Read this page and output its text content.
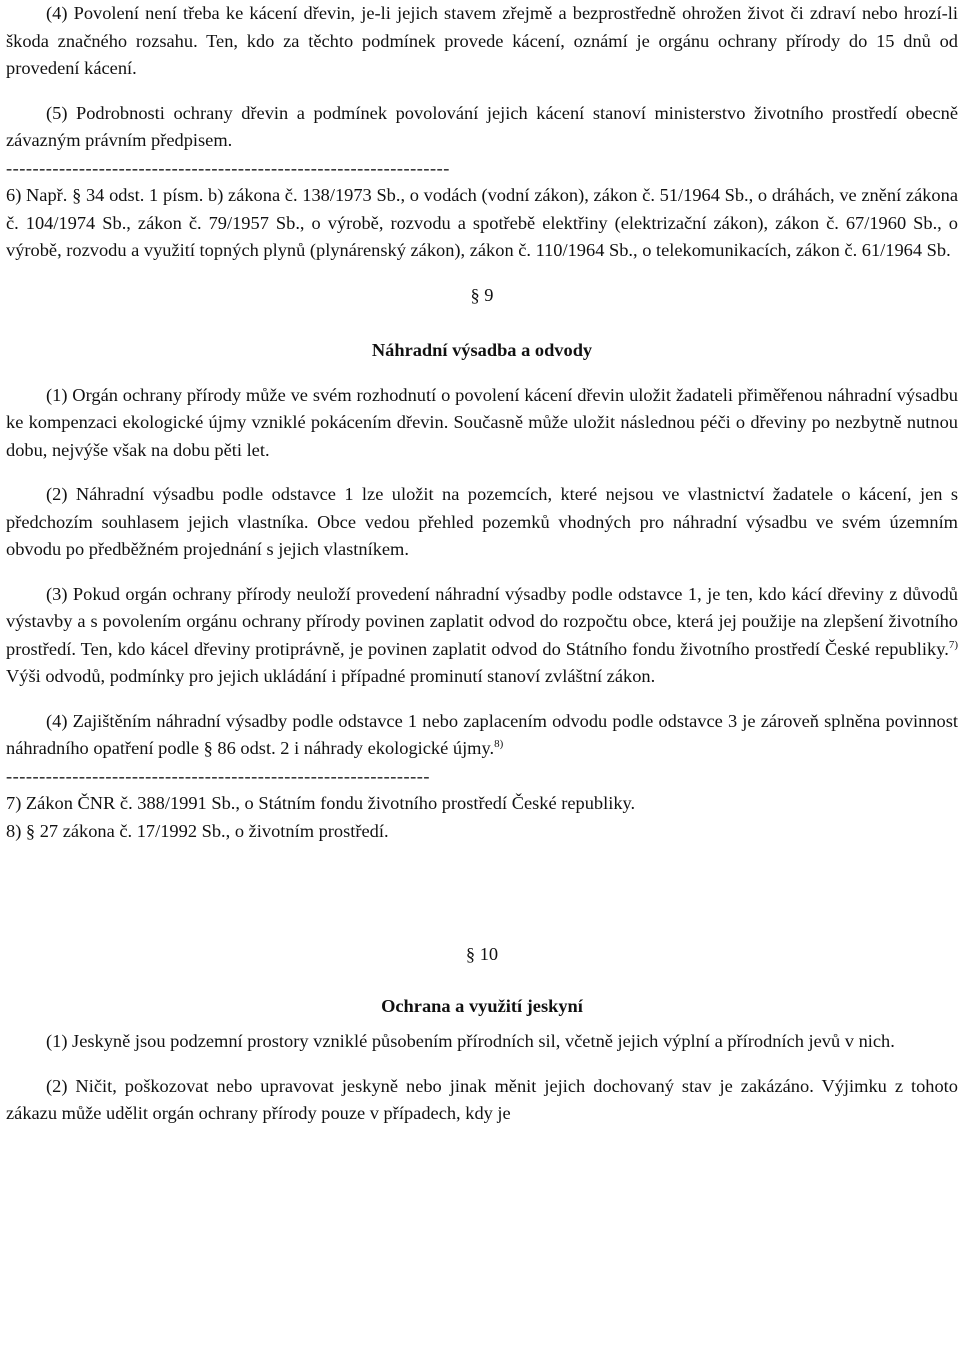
(4) Povolení není třeba ke kácení dřevin, je-li jejich stavem zřejmě a bezprostředně ohrožen život či zdraví nebo hrozí-li škoda značného rozsahu. Ten, kdo za těchto podmínek provede kácení, oznámí je orgánu ochrany přírody do 15 dnů od provedení kácení.

(5) Podrobnosti ochrany dřevin a podmínek povolování jejich kácení stanoví ministerstvo životního prostředí obecně závazným právním předpisem.

-------------------------------------------------------------------

6) Např. § 34 odst. 1 písm. b) zákona č. 138/1973 Sb., o vodách (vodní zákon), zákon č. 51/1964 Sb., o dráhách, ve znění zákona č. 104/1974 Sb., zákon č. 79/1957 Sb., o výrobě, rozvodu a spotřebě elektřiny (elektrizační zákon), zákon č. 67/1960 Sb., o výrobě, rozvodu a využití topných plynů (plynárenský zákon), zákon č. 110/1964 Sb., o telekomunikacích, zákon č. 61/1964 Sb.

§ 9
Náhradní výsadba a odvody

(1) Orgán ochrany přírody může ve svém rozhodnutí o povolení kácení dřevin uložit žadateli přiměřenou náhradní výsadbu ke kompenzaci ekologické újmy vzniklé pokácením dřevin. Současně může uložit následnou péči o dřeviny po nezbytně nutnou dobu, nejvýše však na dobu pěti let.

(2) Náhradní výsadbu podle odstavce 1 lze uložit na pozemcích, které nejsou ve vlastnictví žadatele o kácení, jen s předchozím souhlasem jejich vlastníka. Obce vedou přehled pozemků vhodných pro náhradní výsadbu ve svém územním obvodu po předběžném projednání s jejich vlastníkem.

(3) Pokud orgán ochrany přírody neuloží provedení náhradní výsadby podle odstavce 1, je ten, kdo kácí dřeviny z důvodů výstavby a s povolením orgánu ochrany přírody povinen zaplatit odvod do rozpočtu obce, která jej použije na zlepšení životního prostředí. Ten, kdo kácel dřeviny protiprávně, je povinen zaplatit odvod do Státního fondu životního prostředí České republiky.$^{7)}$ Výši odvodů, podmínky pro jejich ukládání i případné prominutí stanoví zvláštní zákon.

(4) Zajištěním náhradní výsadby podle odstavce 1 nebo zaplacením odvodu podle odstavce 3 je zároveň splněna povinnost náhradního opatření podle § 86 odst. 2 i náhrady ekologické újmy.$^{8)}$

----------------------------------------------------------------

7) Zákon ČNR č. 388/1991 Sb., o Státním fondu životního prostředí České republiky.

8) § 27 zákona č. 17/1992 Sb., o životním prostředí.

§ 10
Ochrana a využití jeskyní

(1) Jeskyně jsou podzemní prostory vzniklé působením přírodních sil, včetně jejich výplní a přírodních jevů v nich.

(2) Ničit, poškozovat nebo upravovat jeskyně nebo jinak měnit jejich dochovaný stav je zakázáno. Výjimku z tohoto zákazu může udělit orgán ochrany přírody pouze v případech, kdy je
